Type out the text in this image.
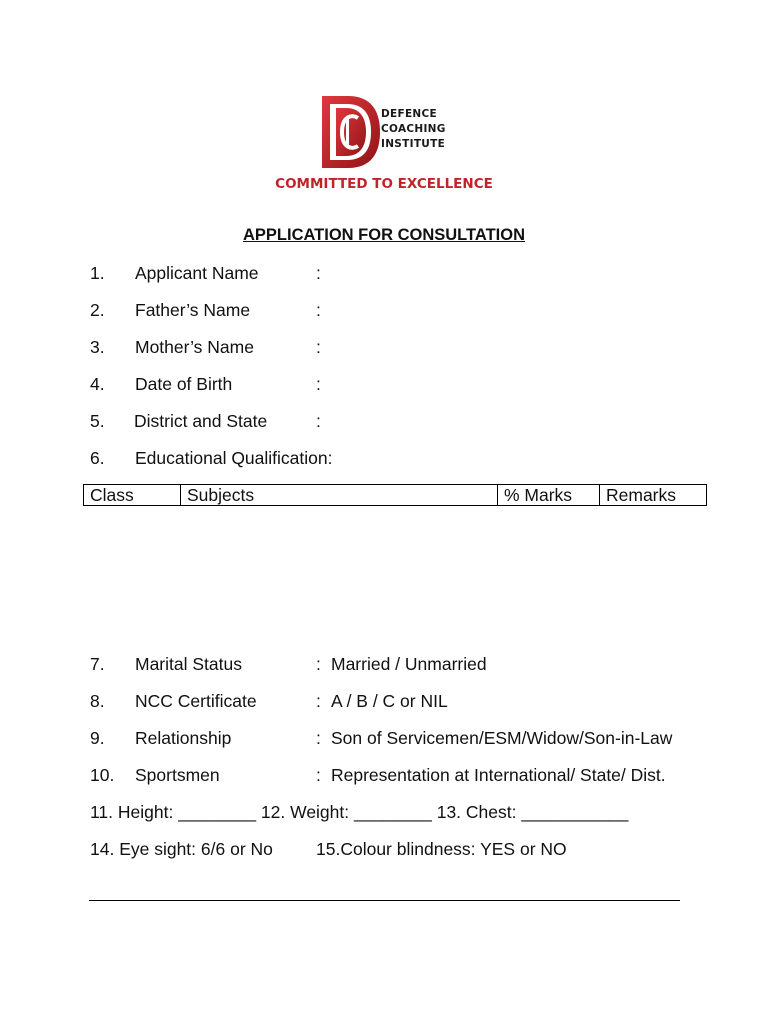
DEFENCE
COACHING
INSTITUTE
COMMITTED TO EXCELLENCE
APPLICATION FOR CONSULTATION
1. Applicant Name	:
2. Father’s Name	:
3. Mother’s Name	:
4. Date of Birth	:
5. District and State	:
6. Educational Qualification:
Class	Subjects	% Marks	Remarks
7. Marital Status	: Married / Unmarried
8. NCC Certificate	: A / B / C or NIL
9. Relationship	: Son of Servicemen/ESM/Widow/Son-in-Law
10. Sportsmen	: Representation at International/ State/ Dist.
11. Height: ________ 12. Weight: ________ 13. Chest: ___________
14. Eye sight: 6/6 or No 15.Colour blindness: YES or NO
